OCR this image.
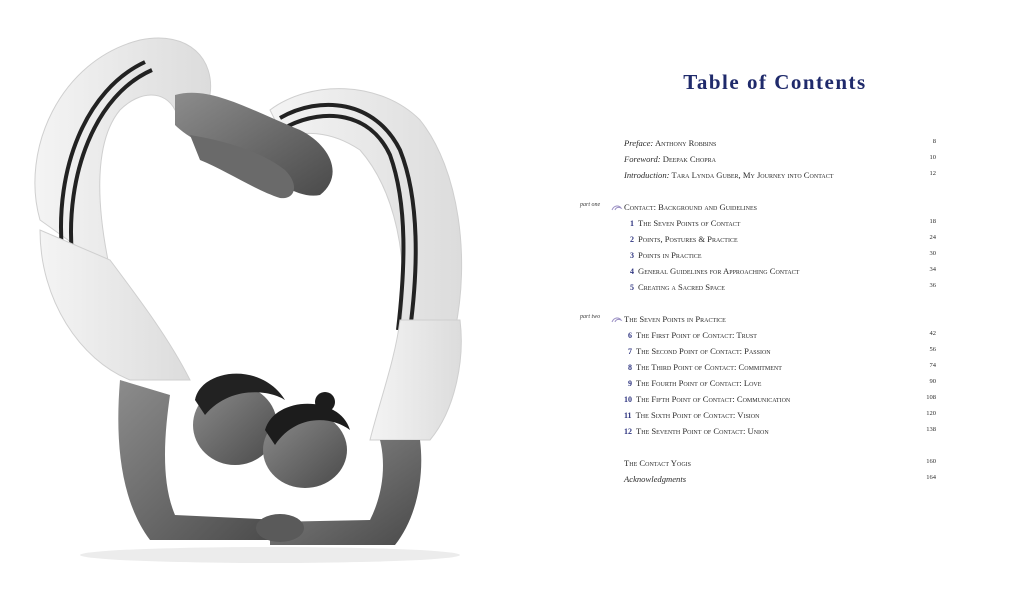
Table of Contents
Preface: Anthony Robbins	8
Foreword: Deepak Chopra	10
Introduction: Tara Lynda Guber, My Journey into Contact	12
part one	Contact: Background and Guidelines
1 The Seven Points of Contact	18
2 Points, Postures & Practice	24
3 Points in Practice	30
4 General Guidelines for Approaching Contact	34
5 Creating a Sacred Space	36
part two	The Seven Points in Practice
6 The First Point of Contact: Trust	42
7 The Second Point of Contact: Passion	56
8 The Third Point of Contact: Commitment	74
9 The Fourth Point of Contact: Love	90
10 The Fifth Point of Contact: Communication	108
11 The Sixth Point of Contact: Vision	120
12 The Seventh Point of Contact: Union	138
The Contact Yogis	160
Acknowledgments	164
